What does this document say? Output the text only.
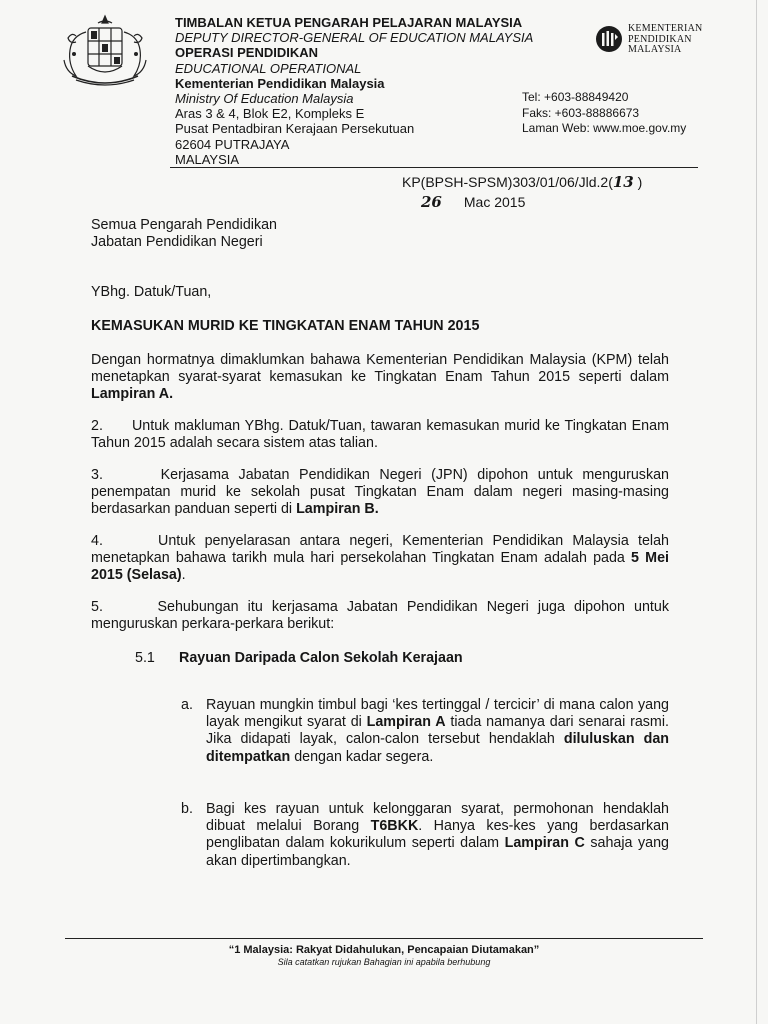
TIMBALAN KETUA PENGARAH PELAJARAN MALAYSIA
DEPUTY DIRECTOR-GENERAL OF EDUCATION MALAYSIA
OPERASI PENDIDIKAN
EDUCATIONAL OPERATIONAL
Kementerian Pendidikan Malaysia
Ministry Of Education Malaysia
Aras 3 & 4, Blok E2, Kompleks E
Pusat Pentadbiran Kerajaan Persekutuan
62604 PUTRAJAYA
MALAYSIA
KEMENTERIAN
PENDIDIKAN
MALAYSIA
Tel: +603-88849420
Faks: +603-88886673
Laman Web: www.moe.gov.my
KP(BPSH-SPSM)303/01/06/Jld.2(13 )
26 Mac 2015

Semua Pengarah Pendidikan

Jabatan Pendidikan Negeri

YBhg. Datuk/Tuan,
KEMASUKAN MURID KE TINGKATAN ENAM TAHUN 2015
Dengan hormatnya dimaklumkan bahawa Kementerian Pendidikan Malaysia (KPM) telah menetapkan syarat-syarat kemasukan ke Tingkatan Enam Tahun 2015 seperti dalam Lampiran A.
2.      Untuk makluman YBhg. Datuk/Tuan, tawaran kemasukan murid ke Tingkatan Enam Tahun 2015 adalah secara sistem atas talian.
3.      Kerjasama Jabatan Pendidikan Negeri (JPN) dipohon untuk menguruskan penempatan murid ke sekolah pusat Tingkatan Enam dalam negeri masing-masing berdasarkan panduan seperti di Lampiran B.
4.      Untuk penyelarasan antara negeri, Kementerian Pendidikan Malaysia telah menetapkan bahawa tarikh mula hari persekolahan Tingkatan Enam adalah pada 5 Mei 2015 (Selasa).
5.      Sehubungan itu kerjasama Jabatan Pendidikan Negeri juga dipohon untuk menguruskan perkara-perkara berikut:
5.1 Rayuan Daripada Calon Sekolah Kerajaan
a. Rayuan mungkin timbul bagi ‘kes tertinggal / tercicir’ di mana calon yang layak mengikut syarat di Lampiran A tiada namanya dari senarai rasmi. Jika didapati layak, calon-calon tersebut hendaklah diluluskan dan ditempatkan dengan kadar segera.
b. Bagi kes rayuan untuk kelonggaran syarat, permohonan hendaklah dibuat melalui Borang T6BKK. Hanya kes-kes yang berdasarkan penglibatan dalam kokurikulum seperti dalam Lampiran C sahaja yang akan dipertimbangkan.
“1 Malaysia: Rakyat Didahulukan, Pencapaian Diutamakan”
Sila catatkan rujukan Bahagian ini apabila berhubung
